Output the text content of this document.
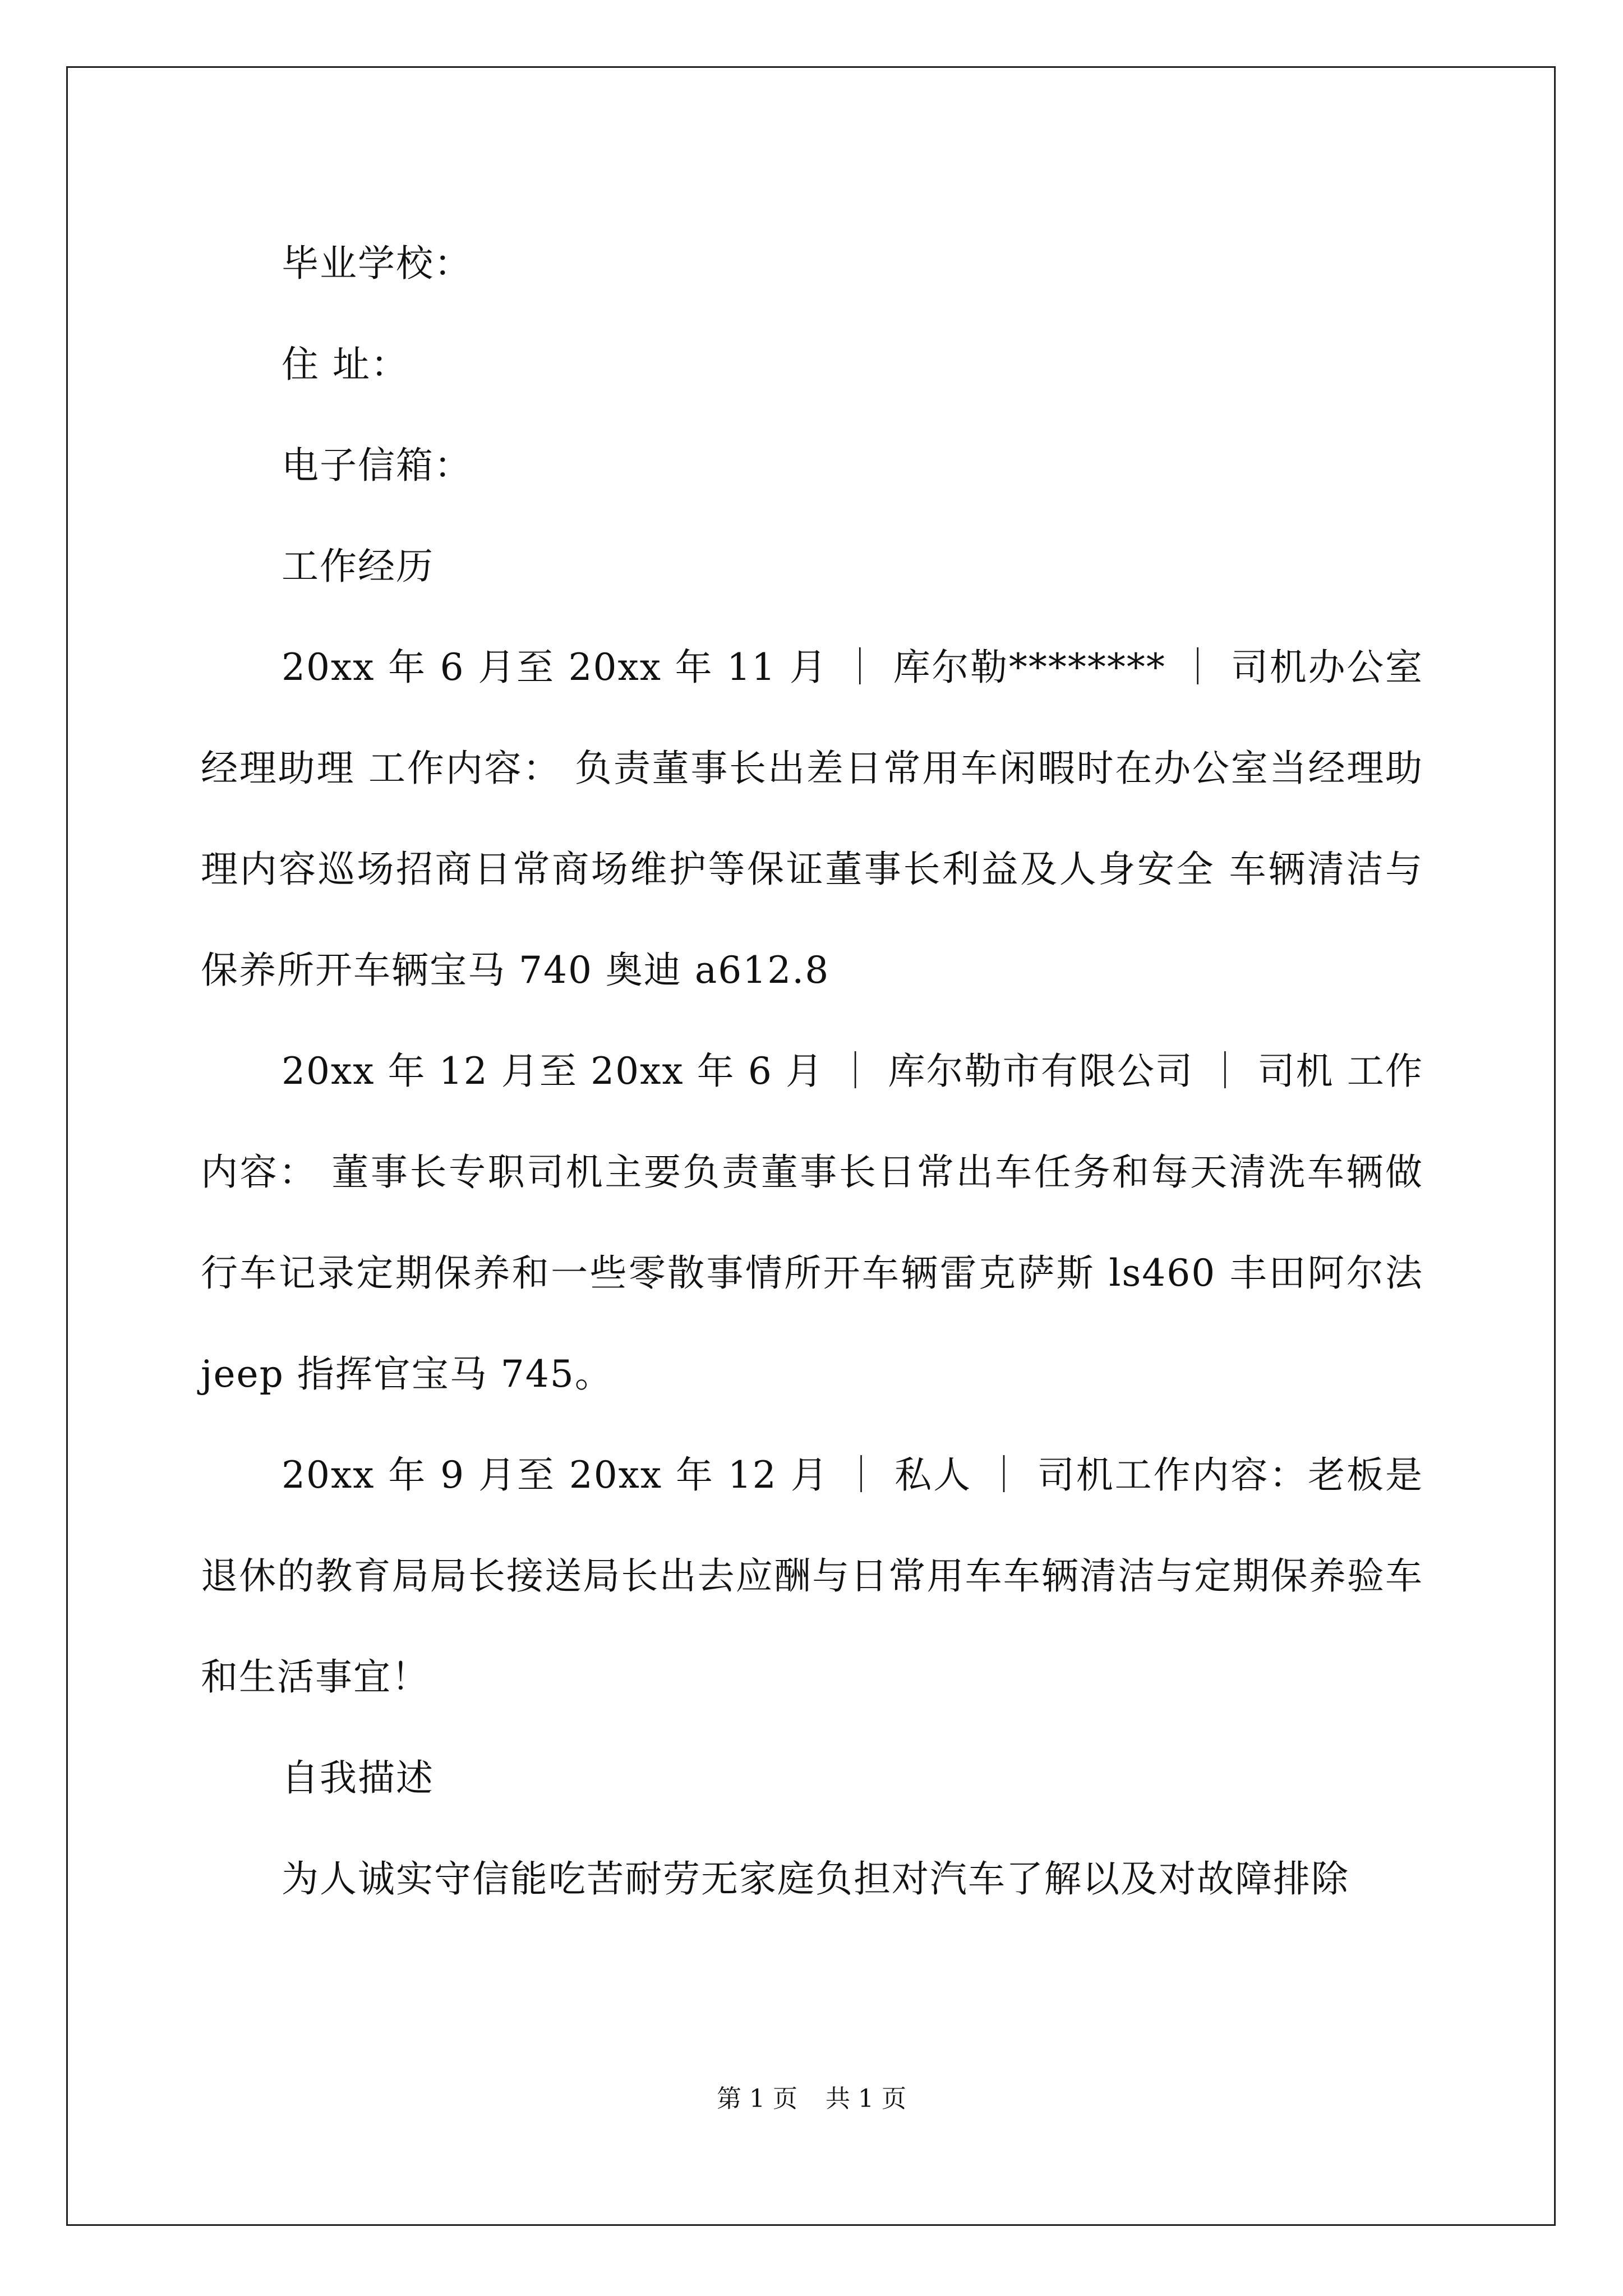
毕业学校：

住 址：

电子信箱：

工作经历

20xx 年 6 月至 20xx 年 11 月 ｜ 库尔勒******** ｜ 司机办公室经理助理 工作内容： 负责董事长出差日常用车闲暇时在办公室当经理助理内容巡场招商日常商场维护等保证董事长利益及人身安全 车辆清洁与保养所开车辆宝马 740 奥迪 a612.8

20xx 年 12 月至 20xx 年 6 月 ｜ 库尔勒市有限公司 ｜ 司机 工作内容： 董事长专职司机主要负责董事长日常出车任务和每天清洗车辆做行车记录定期保养和一些零散事情所开车辆雷克萨斯 ls460 丰田阿尔法 jeep 指挥官宝马 745。

20xx 年 9 月至 20xx 年 12 月 ｜ 私人 ｜ 司机工作内容：老板是退休的教育局局长接送局长出去应酬与日常用车车辆清洁与定期保养验车和生活事宜！

自我描述

为人诚实守信能吃苦耐劳无家庭负担对汽车了解以及对故障排除

第 1 页 共 1 页
